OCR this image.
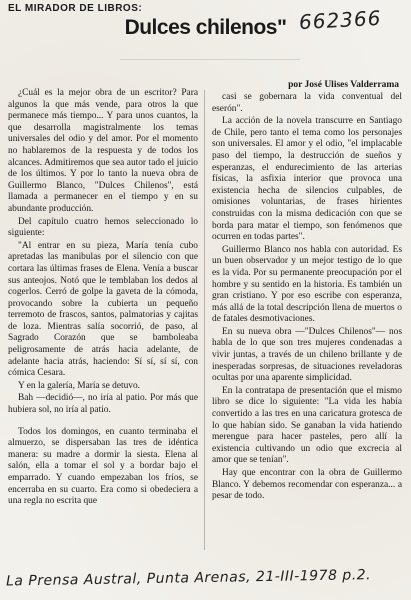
EL MIRADOR DE LIBROS:	662366
Dulces chilenos"
por José Ulises Valderrama

¿Cuál es la mejor obra de un escritor? Para algunos la que más vende, para otros la que permanece más tiempo... Y para unos cuantos, la que desarrolla magistralmente los temas universales del odio y del amor. Por el momento no hablaremos de la respuesta y de todos los alcances. Admitiremos que sea autor tado el juicio de los últimos. Y por lo tanto la nueva obra de Guillermo Blanco, "Dulces Chilenos", está llamada a permanecer en el tiempo y en su abundante producción.

Del capítulo cuatro hemos seleccionado lo siguiente:

"Al entrar en su pieza, María tenía cubo apretadas las manibulas por el silencio con que cortara las últimas frases de Elena. Venía a buscar sus anteojos. Notó que le temblaban los dedos al cogerlos. Cerró de golpe la gaveta de la cómoda, provocando sobre la cubierta un pequeño terremoto de frascos, santos, palmatorias y cajitas de loza. Mientras salía socorrió, de paso, al Sagrado Corazón que se bamboleaba peligrosamente de atrás hacia adelante, de adelante hacia atrás, haciendo: Sí sí, sí sí, con cómica Cesara.

Y en la galería, María se detuvo.

Bah —decidió—, no iría al patio. Por más que hubiera sol, no iría al patio.

Todos los domingos, en cuanto terminaba el almuerzo, se dispersaban las tres de idéntica manera: su madre a dormir la siesta. Elena al salón, ella a tomar el sol y a bordar bajo el emparrado. Y cuando empezaban los fríos, se encerraba en su cuarto. Era como si obedeciera a una regla no escrita que

casi se gobernara la vida conventual del eserón".

La acción de la novela transcurre en Santiago de Chile, pero tanto el tema como los personajes son universales. El amor y el odio, "el implacable paso del tiempo, la destrucción de sueños y esperanzas, el endurecimiento de las arterias físicas, la asfixia interior que provoca una existencia hecha de silencios culpables, de omisiones voluntarias, de frases hirientes construidas con la misma dedicación con que se borda para matar el tiempo, son fenómenos que ocurren en todas partes".

Guillermo Blanco nos habla con autoridad. Es un buen observador y un mejor testigo de lo que es la vida. Por su permanente preocupación por el hombre y su sentido en la historia. Es también un gran cristiano. Y por eso escribe con esperanza, más allá de la total descripción llena de muertos o de fatales desmotivaciones.

En su nueva obra —"Dulces Chilenos"— nos habla de lo que son tres mujeres condenadas a vivir juntas, a través de un chileno brillante y de inesperadas sorpresas, de situaciones reveladoras ocultas por una aparente simplicidad.

En la contratapa de presentación que el mismo libro se dice lo siguiente: "La vida les había convertido a las tres en una caricatura grotesca de lo que habían sido. Se ganaban la vida hatiendo merengue para hacer pasteles, pero allí la existencia cultivando un odio que excrecia al amor que se tenían".

Hay que encontrar con la obra de Guillermo Blanco. Y debemos recomendar con esperanza... a pesar de todo.

La Prensa Austral, Punta Arenas, 21-III-1978 p.2.
